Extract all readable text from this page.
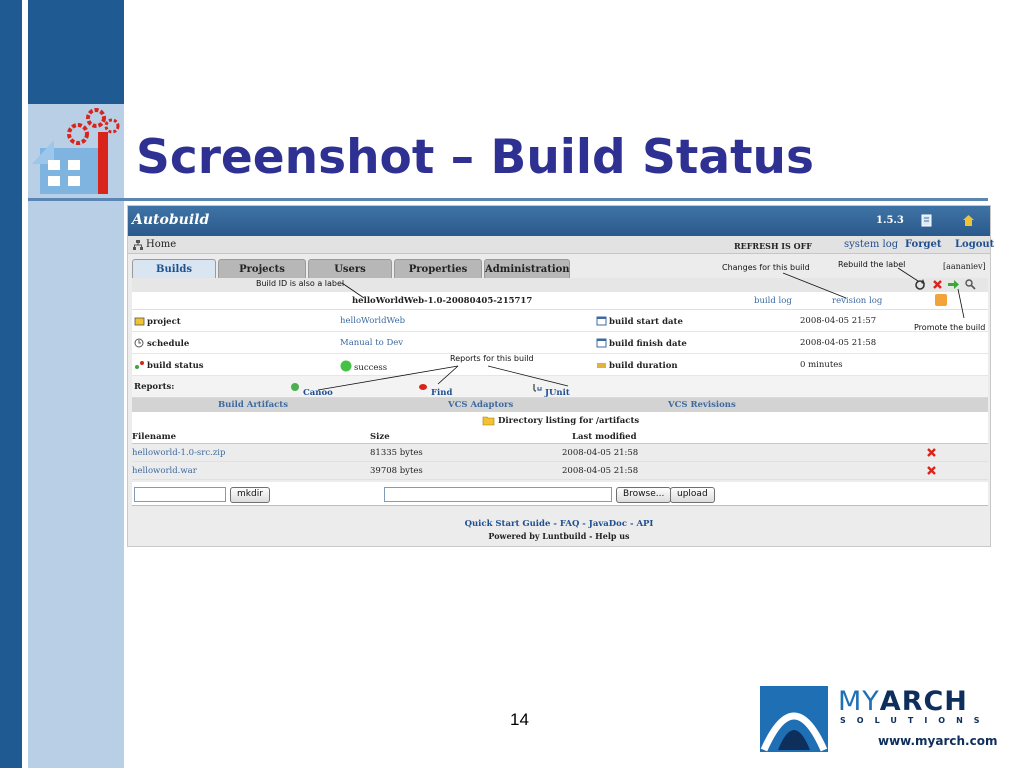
Screenshot – Build Status
Autobuild	1.5.3
Home	REFRESH IS OFF	system log Forget Logout
Builds	Projects	Users	Properties	Administration	[aananiev]
helloWorldWeb-1.0-20080405-215717	build log	revision log
project	helloWorldWeb	build start date	2008-04-05 21:57
schedule	Manual to Dev	build finish date	2008-04-05 21:58
build status	success	build duration	0 minutes
Reports:
Canoo	Find	JUnit
Build Artifacts	VCS Adaptors	VCS Revisions
Directory listing for /artifacts
Filename	Size	Last modified
helloworld-1.0-src.zip	81335 bytes	2008-04-05 21:58
helloworld.war	39708 bytes	2008-04-05 21:58
mkdir	Browse...	upload
Quick Start Guide - FAQ - JavaDoc - API
Powered by Luntbuild - Help us
Build ID is also a label
Changes for this build	Rebuild the label
Promote the build
Reports for this build
14
MYARCH
SOLUTIONS
www.myarch.com
